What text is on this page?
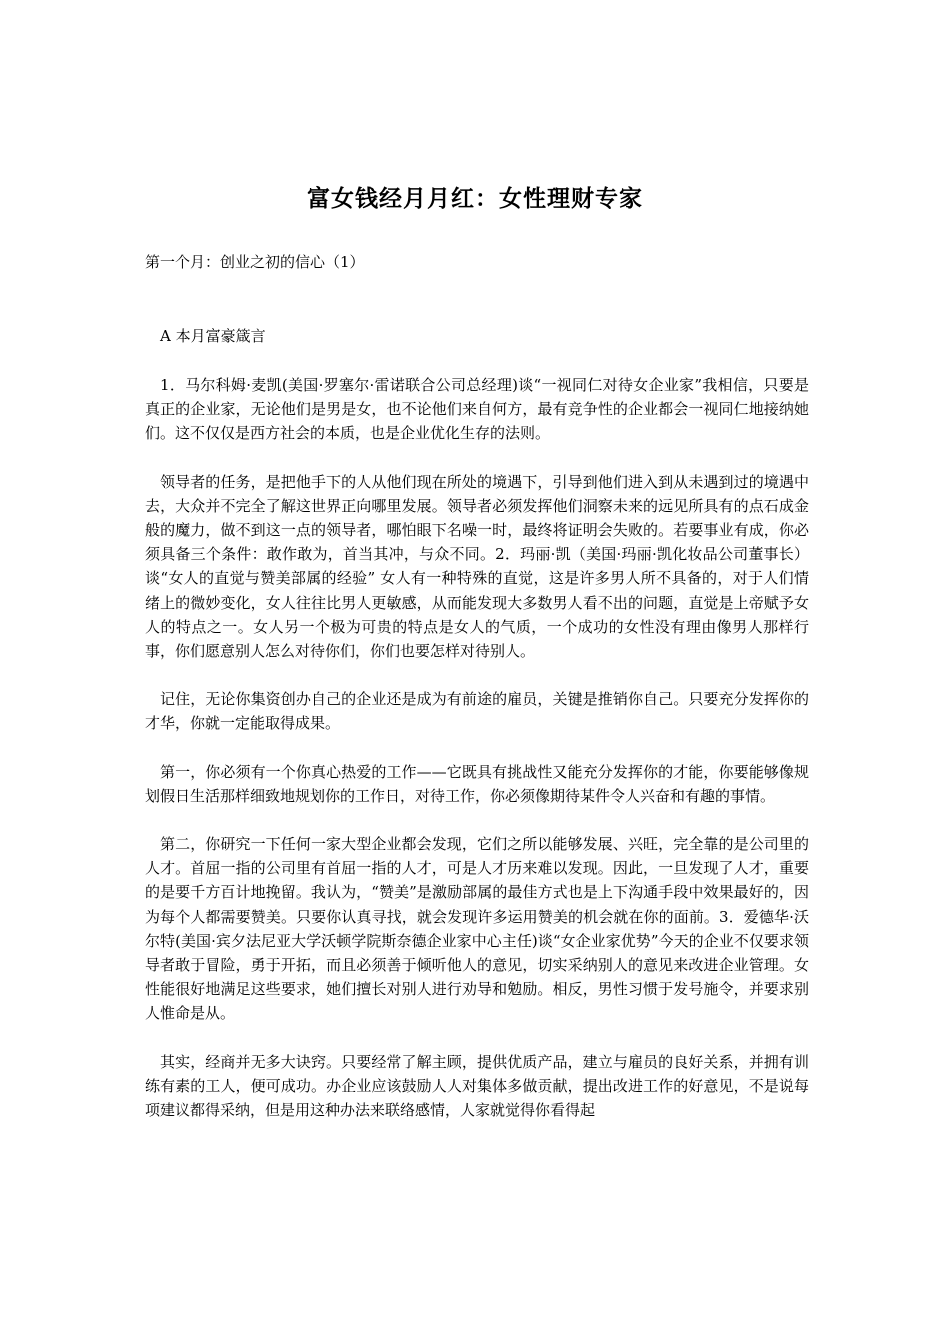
富女钱经月月红：女性理财专家
第一个月：创业之初的信心（1）
A 本月富豪箴言

1．马尔科姆·麦凯(美国·罗塞尔·雷诺联合公司总经理)谈“一视同仁对待女企业家”我相信，只要是真正的企业家，无论他们是男是女，也不论他们来自何方，最有竞争性的企业都会一视同仁地接纳她们。这不仅仅是西方社会的本质，也是企业优化生存的法则。

领导者的任务，是把他手下的人从他们现在所处的境遇下，引导到他们进入到从未遇到过的境遇中去，大众并不完全了解这世界正向哪里发展。领导者必须发挥他们洞察未来的远见所具有的点石成金般的魔力，做不到这一点的领导者，哪怕眼下名噪一时，最终将证明会失败的。若要事业有成，你必须具备三个条件：敢作敢为，首当其冲，与众不同。2．玛丽·凯（美国·玛丽·凯化妆品公司董事长）谈“女人的直觉与赞美部属的经验” 女人有一种特殊的直觉，这是许多男人所不具备的，对于人们情绪上的微妙变化，女人往往比男人更敏感，从而能发现大多数男人看不出的问题，直觉是上帝赋予女人的特点之一。女人另一个极为可贵的特点是女人的气质，一个成功的女性没有理由像男人那样行事，你们愿意别人怎么对待你们，你们也要怎样对待别人。

记住，无论你集资创办自己的企业还是成为有前途的雇员，关键是推销你自己。只要充分发挥你的才华，你就一定能取得成果。

第一，你必须有一个你真心热爱的工作——它既具有挑战性又能充分发挥你的才能，你要能够像规划假日生活那样细致地规划你的工作日，对待工作，你必须像期待某件令人兴奋和有趣的事情。

第二，你研究一下任何一家大型企业都会发现，它们之所以能够发展、兴旺，完全靠的是公司里的人才。首屈一指的公司里有首屈一指的人才，可是人才历来难以发现。因此，一旦发现了人才，重要的是要千方百计地挽留。我认为，“赞美”是激励部属的最佳方式也是上下沟通手段中效果最好的，因为每个人都需要赞美。只要你认真寻找，就会发现许多运用赞美的机会就在你的面前。3．爱德华·沃尔特(美国·宾夕法尼亚大学沃顿学院斯奈德企业家中心主任)谈“女企业家优势”今天的企业不仅要求领导者敢于冒险，勇于开拓，而且必须善于倾听他人的意见，切实采纳别人的意见来改进企业管理。女性能很好地满足这些要求，她们擅长对别人进行劝导和勉励。相反，男性习惯于发号施令，并要求别人惟命是从。

其实，经商并无多大诀窍。只要经常了解主顾，提供优质产品，建立与雇员的良好关系，并拥有训练有素的工人，便可成功。办企业应该鼓励人人对集体多做贡献，提出改进工作的好意见，不是说每项建议都得采纳，但是用这种办法来联络感情，人家就觉得你看得起
